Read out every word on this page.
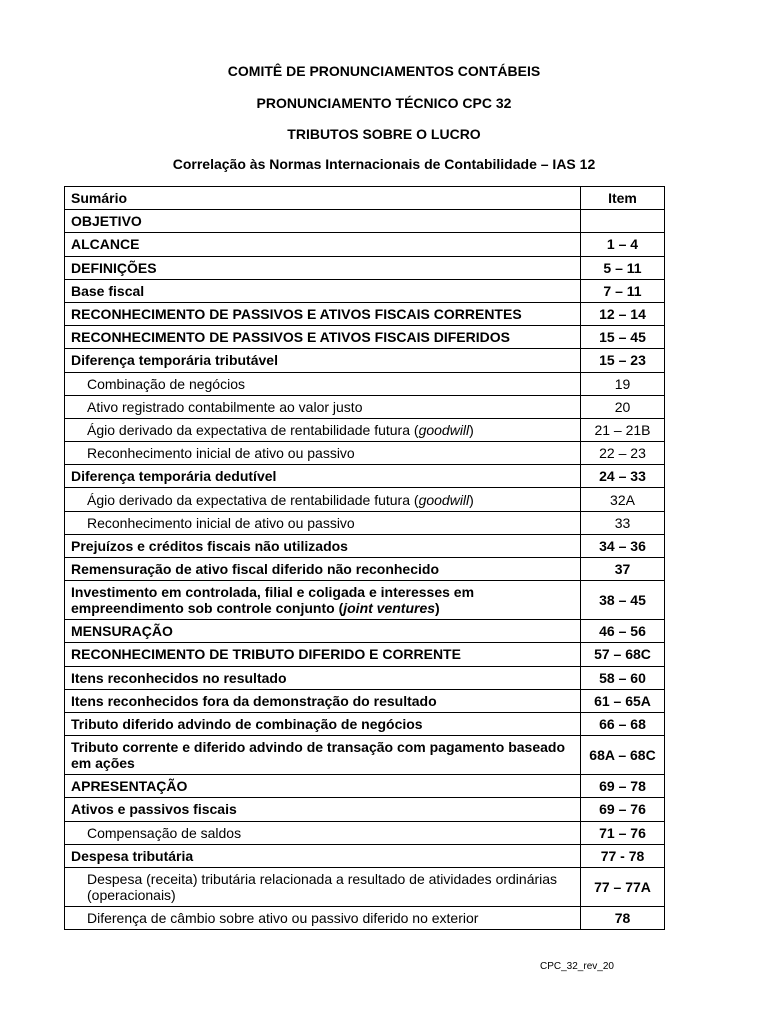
COMITÊ DE PRONUNCIAMENTOS CONTÁBEIS
PRONUNCIAMENTO TÉCNICO CPC 32
TRIBUTOS SOBRE O LUCRO
Correlação às Normas Internacionais de Contabilidade – IAS 12
Sumário	Item
OBJETIVO	
ALCANCE	1 – 4
DEFINIÇÕES	5 – 11
Base fiscal	7 – 11
RECONHECIMENTO DE PASSIVOS E ATIVOS FISCAIS CORRENTES	12 – 14
RECONHECIMENTO DE PASSIVOS E ATIVOS FISCAIS DIFERIDOS	15 – 45
Diferença temporária tributável	15 – 23
Combinação de negócios	19
Ativo registrado contabilmente ao valor justo	20
Ágio derivado da expectativa de rentabilidade futura (goodwill)	21 – 21B
Reconhecimento inicial de ativo ou passivo	22 – 23
Diferença temporária dedutível	24 – 33
Ágio derivado da expectativa de rentabilidade futura (goodwill)	32A
Reconhecimento inicial de ativo ou passivo	33
Prejuízos e créditos fiscais não utilizados	34 – 36
Remensuração de ativo fiscal diferido não reconhecido	37
Investimento em controlada, filial e coligada e interesses em empreendimento sob controle conjunto (joint ventures)	38 – 45
MENSURAÇÃO	46 – 56
RECONHECIMENTO DE TRIBUTO DIFERIDO E CORRENTE	57 – 68C
Itens reconhecidos no resultado	58 – 60
Itens reconhecidos fora da demonstração do resultado	61 – 65A
Tributo diferido advindo de combinação de negócios	66 – 68
Tributo corrente e diferido advindo de transação com pagamento baseado em ações	68A – 68C
APRESENTAÇÃO	69 – 78
Ativos e passivos fiscais	69 – 76
Compensação de saldos	71 – 76
Despesa tributária	77 - 78
Despesa (receita) tributária relacionada a resultado de atividades ordinárias (operacionais)	77 – 77A
Diferença de câmbio sobre ativo ou passivo diferido no exterior	78
CPC_32_rev_20
